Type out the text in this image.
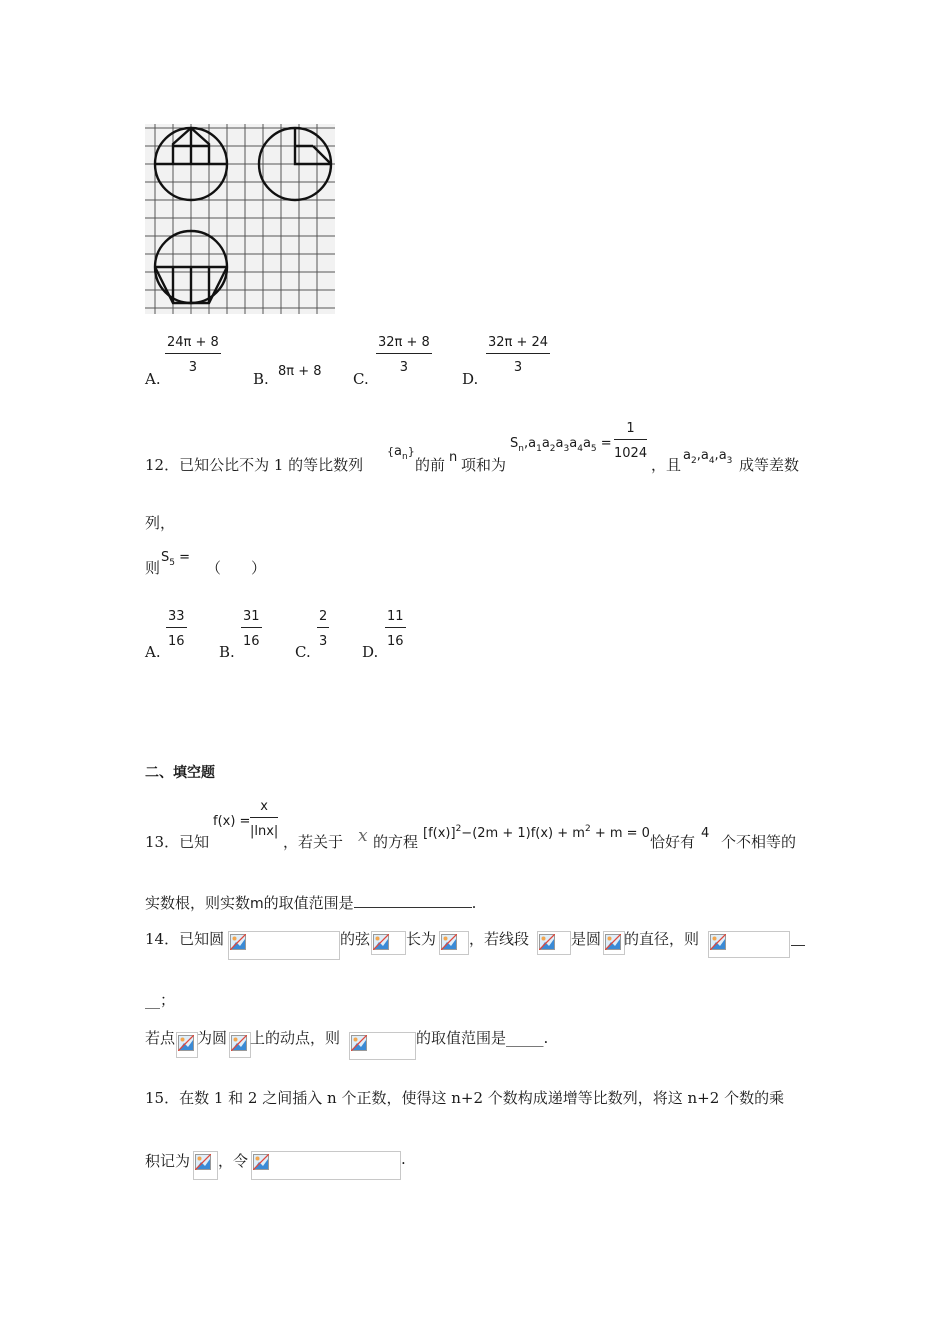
A.
$\frac{24\pi + 8}{3}$
B. 8π + 8 C.
$\frac{32\pi + 8}{3}$
D.
$\frac{32\pi + 24}{3}$
12．已知公比不为 1 的等比数列
$\{a_n\}$
的前 n 项和为
$S_n,a_1a_2a_3a_4a_5 = \frac{1}{1024}$
，且
$a_2,a_4,a_3$ 成等差数
列，
则
$S_5$ =
（　　）
A.
$\frac{33}{16}$
B.
$\frac{31}{16}$
C.
$\frac{2}{3}$
D.
$\frac{11}{16}$
二、填空题
13．已知
$f(x) = \frac{x}{|\ln x|}$
，若关于 x 的方程 $[f(x)]^2-(2m + 1)f(x) + m^2 + m = 0$ 恰好有 4 个不相等的
实数根，则实数m的取值范围是	.
14．已知圆	的弦 长为 ，若线段	是圆 的直径，则
__；
若点 为圆 上的动点，则	的取值范围是_____.
15．在数 1 和 2 之间插入 n 个正数，使得这 n+2 个数构成递增等比数列，将这 n+2 个数的乘
积记为 ，令	.
